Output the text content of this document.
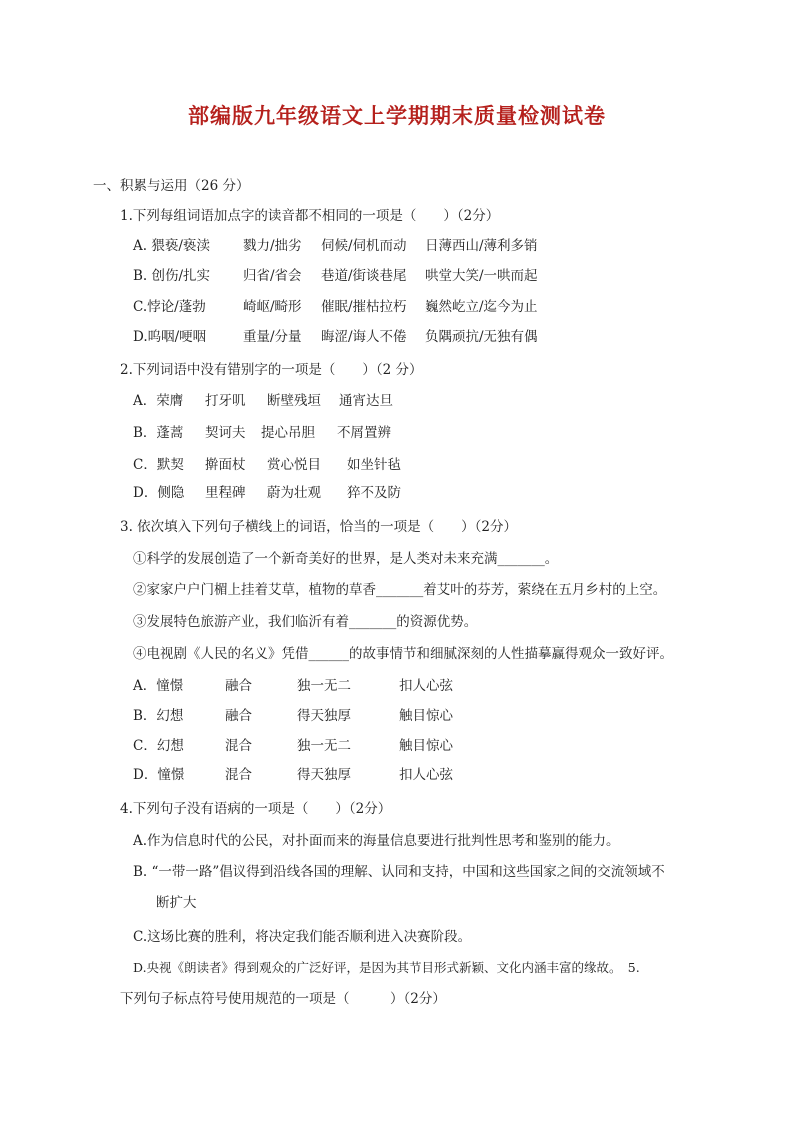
部编版九年级语文上学期期末质量检测试卷
一、积累与运用（26 分）
1.下列每组词语加点字的读音都不相同的一项是（　　）（2分）
A. 猥亵/亵渎 戮力/拙劣 伺候/伺机而动 日薄西山/薄利多销
B. 创伤/扎实 归省/省会 巷道/街谈巷尾 哄堂大笑/一哄而起
C.悖论/蓬勃	崎岖/畸形 催眠/摧枯拉朽 巍然屹立/迄今为止
D.呜咽/哽咽	重量/分量 晦涩/诲人不倦 负隅顽抗/无独有偶
2.下列词语中没有错别字的一项是（　　）（2 分）
A．荣膺 打牙叽 断壁残垣 通宵达旦
B．蓬蒿 契诃夫 提心吊胆 不屑置辨
C．默契 擀面杖 赏心悦目 如坐针毡
D．侧隐 里程碑 蔚为壮观 猝不及防
3. 依次填入下列句子横线上的词语，恰当的一项是（　　）（2分）
①科学的发展创造了一个新奇美好的世界，是人类对未来充满_______。
②家家户户门楣上挂着艾草，植物的草香_______着艾叶的芬芳，萦绕在五月乡村的上空。
③发展特色旅游产业，我们临沂有着_______的资源优势。
④电视剧《人民的名义》凭借______的故事情节和细腻深刻的人性描摹赢得观众一致好评。
A．憧憬	融合	独一无二	扣人心弦
B．幻想	融合	得天独厚	触目惊心
C．幻想	混合	独一无二	触目惊心
D．憧憬	混合	得天独厚	扣人心弦
4.下列句子没有语病的一项是（　　）（2分）
A.作为信息时代的公民，对扑面而来的海量信息要进行批判性思考和鉴别的能力。
B. “一带一路”倡议得到沿线各国的理解、认同和支持，中国和这些国家之间的交流领域不
断扩大
C.这场比赛的胜利，将决定我们能否顺利进入决赛阶段。
D.央视《朗读者》得到观众的广泛好评，是因为其节目形式新颖、文化内涵丰富的缘故。　5.
下列句子标点符号使用规范的一项是（　　　）（2分）
